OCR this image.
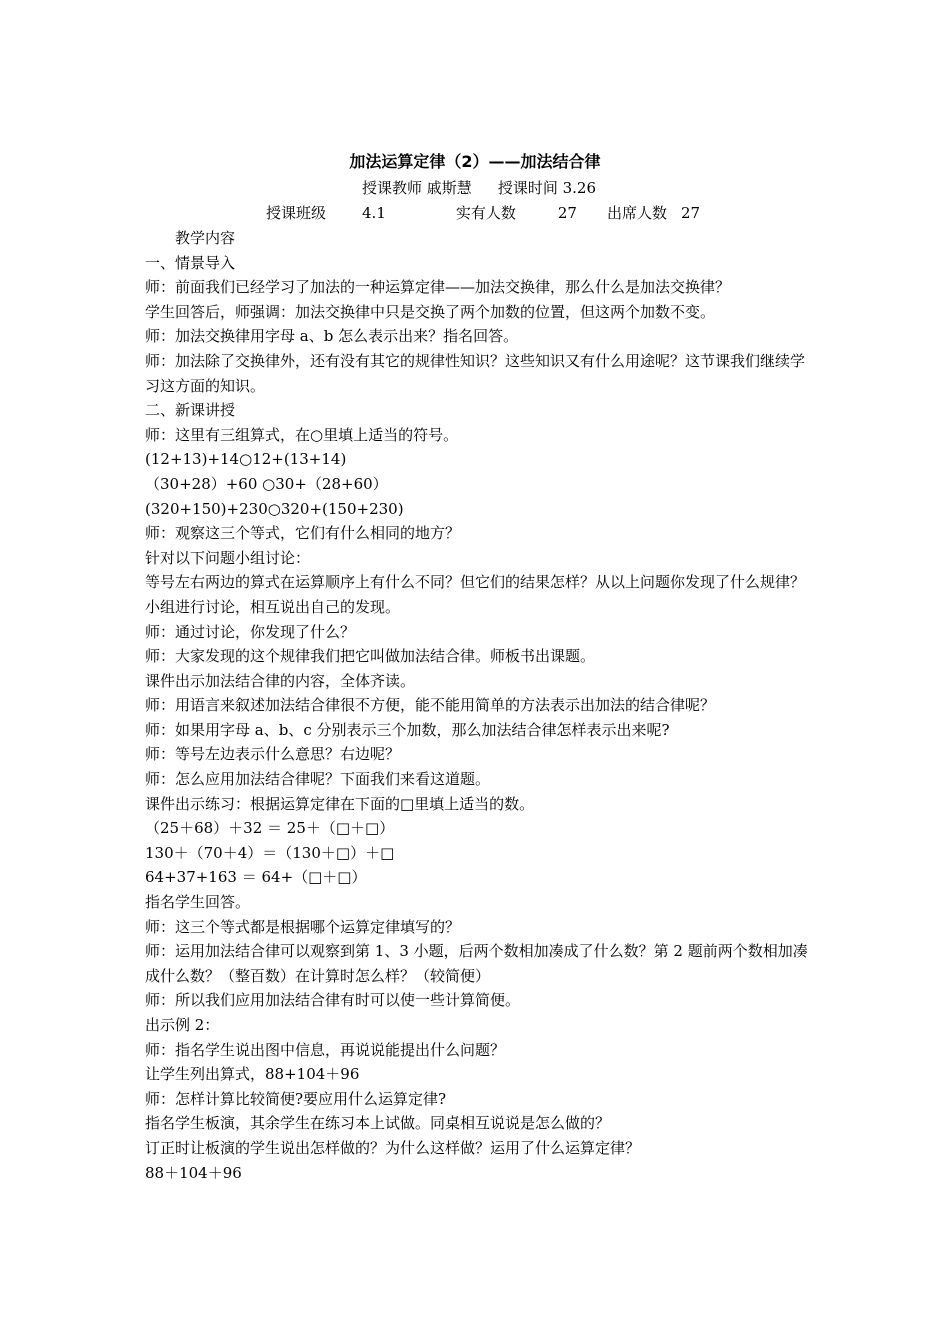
加法运算定律（2）——加法结合律
授课教师 戚斯慧 授课时间 3.26
授课班级 4.1	实有人数	27 出席人数 27

教学内容

一、情景导入

师：前面我们已经学习了加法的一种运算定律——加法交换律，那么什么是加法交换律？

学生回答后，师强调：加法交换律中只是交换了两个加数的位置，但这两个加数不变。

师：加法交换律用字母 a、b 怎么表示出来？指名回答。

师：加法除了交换律外，还有没有其它的规律性知识？这些知识又有什么用途呢？这节课我们继续学习这方面的知识。

二、新课讲授

师：这里有三组算式，在○里填上适当的符号。

(12+13)+14○12+(13+14)

（30+28）+60 ○30+（28+60）

(320+150)+230○320+(150+230)

师：观察这三个等式，它们有什么相同的地方？

针对以下问题小组讨论：

等号左右两边的算式在运算顺序上有什么不同？但它们的结果怎样？从以上问题你发现了什么规律？

小组进行讨论，相互说出自己的发现。

师：通过讨论，你发现了什么？

师：大家发现的这个规律我们把它叫做加法结合律。师板书出课题。

课件出示加法结合律的内容，全体齐读。

师：用语言来叙述加法结合律很不方便，能不能用简单的方法表示出加法的结合律呢？

师：如果用字母 a、b、c 分别表示三个加数，那么加法结合律怎样表示出来呢?

师：等号左边表示什么意思？右边呢？

师：怎么应用加法结合律呢？下面我们来看这道题。

课件出示练习：根据运算定律在下面的□里填上适当的数。

（25＋68）＋32 ＝ 25＋（□＋□）

130＋（70＋4）＝（130＋□）＋□

64+37+163 ＝ 64+（□＋□）

指名学生回答。

师：这三个等式都是根据哪个运算定律填写的？

师：运用加法结合律可以观察到第 1、3 小题，后两个数相加凑成了什么数？第 2 题前两个数相加凑成什么数？（整百数）在计算时怎么样？（较简便）

师：所以我们应用加法结合律有时可以使一些计算简便。

出示例 2：

师：指名学生说出图中信息，再说说能提出什么问题？

让学生列出算式，88+104＋96

师：怎样计算比较简便?要应用什么运算定律?

指名学生板演，其余学生在练习本上试做。同桌相互说说是怎么做的？

订正时让板演的学生说出怎样做的？为什么这样做？运用了什么运算定律？

88＋104＋96
